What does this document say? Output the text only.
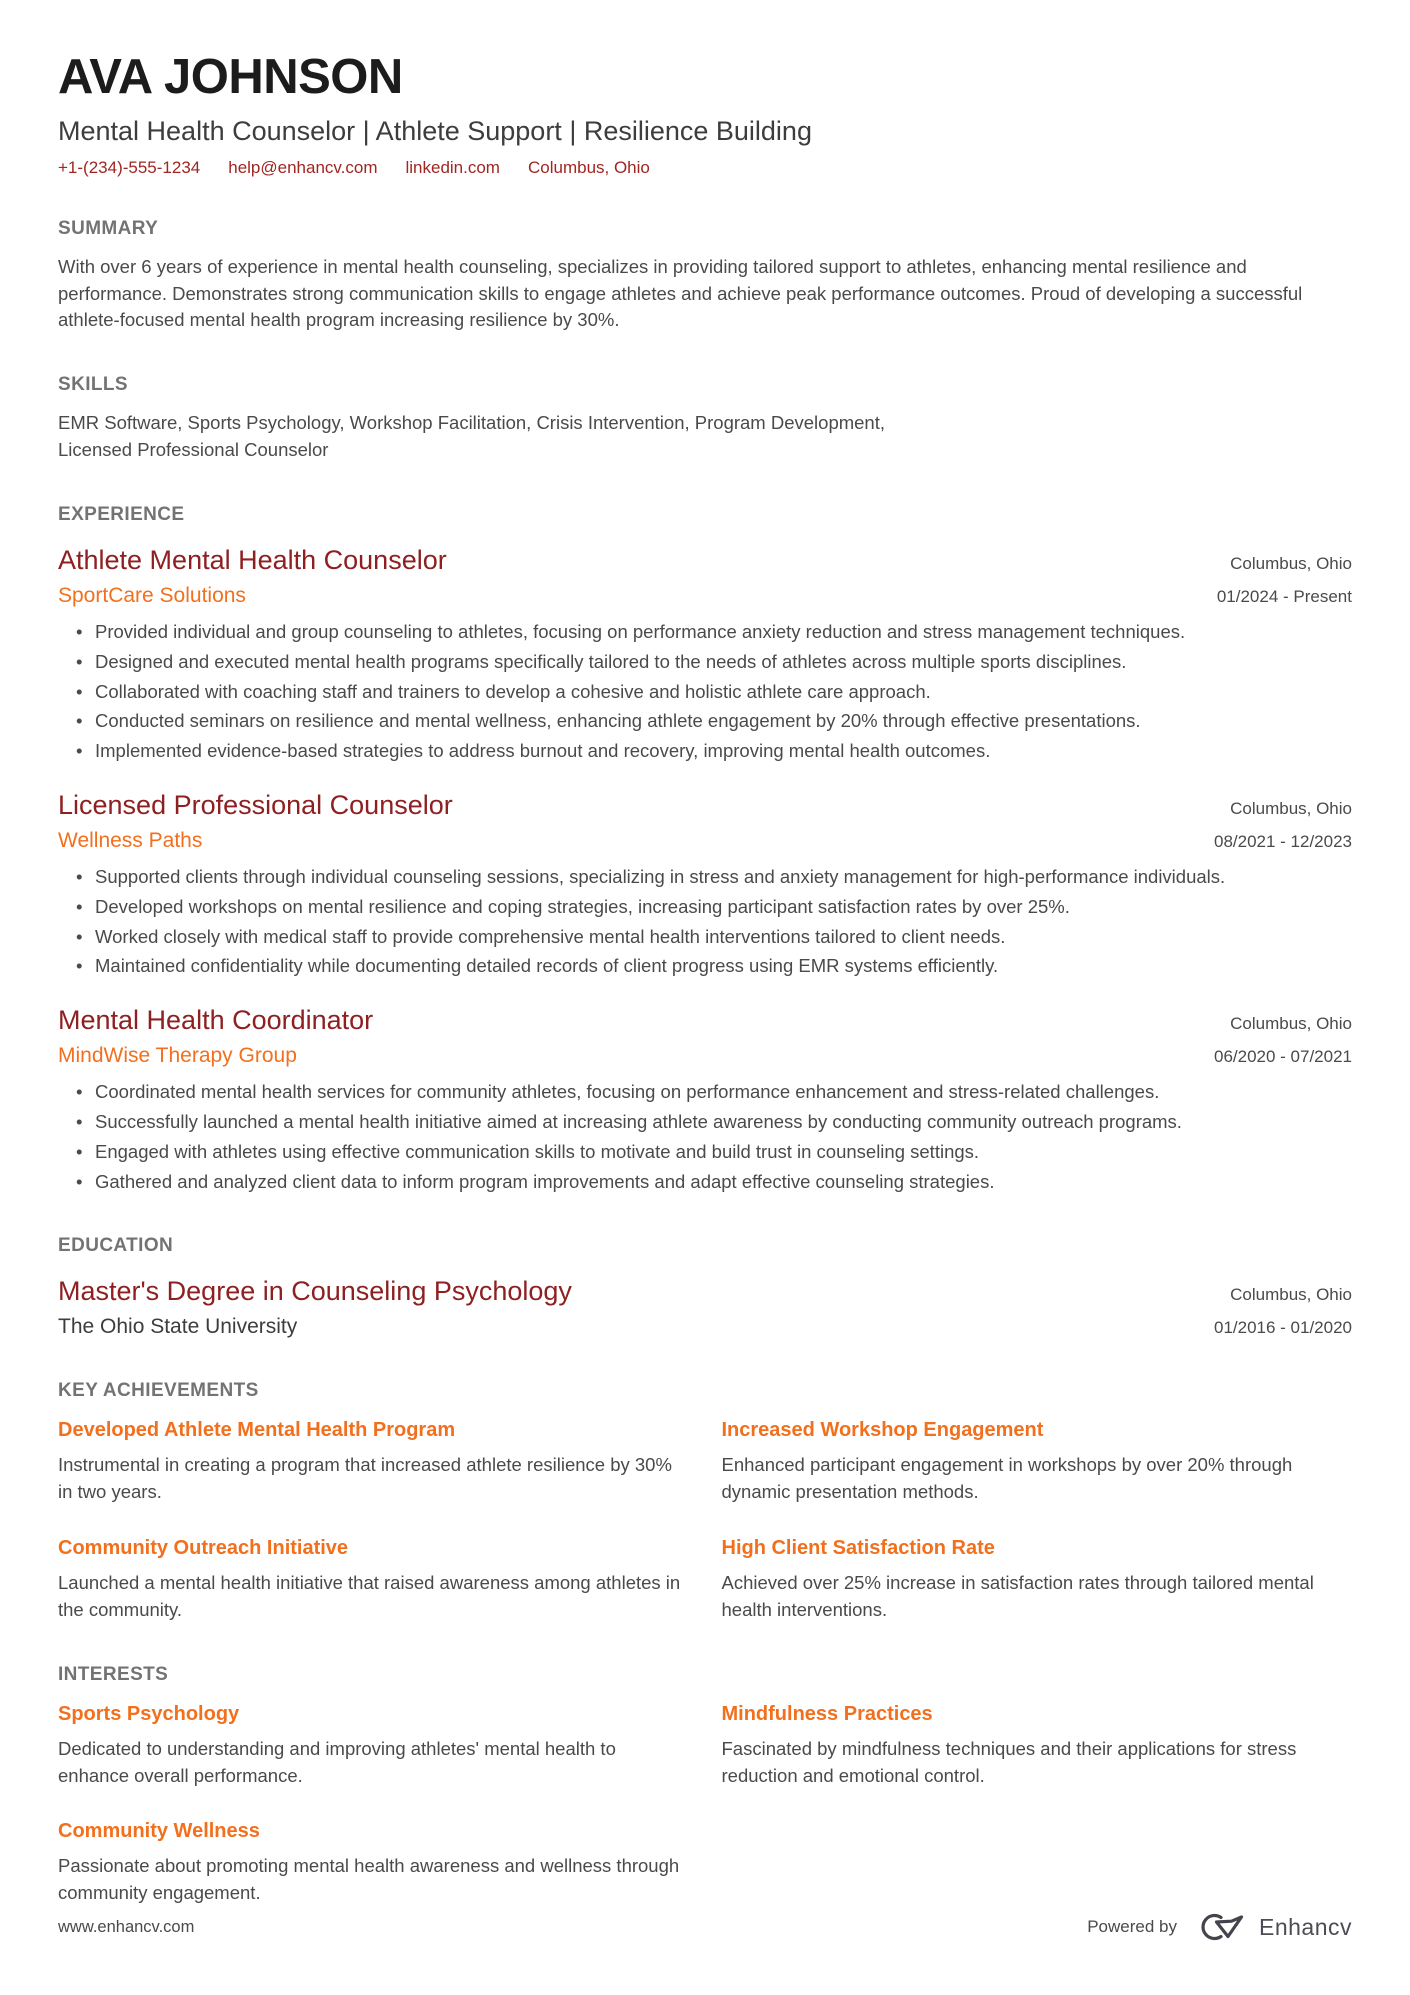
AVA JOHNSON
Mental Health Counselor | Athlete Support | Resilience Building
+1-(234)-555-1234 help@enhancv.com linkedin.com Columbus, Ohio
SUMMARY

With over 6 years of experience in mental health counseling, specializes in providing tailored support to athletes, enhancing mental resilience and performance. Demonstrates strong communication skills to engage athletes and achieve peak performance outcomes. Proud of developing a successful athlete-focused mental health program increasing resilience by 30%.

SKILLS

EMR Software, Sports Psychology, Workshop Facilitation, Crisis Intervention, Program Development, Licensed Professional Counselor

EXPERIENCE
Athlete Mental Health Counselor	Columbus, Ohio
SportCare Solutions	01/2024 - Present
• Provided individual and group counseling to athletes, focusing on performance anxiety reduction and stress management techniques.
• Designed and executed mental health programs specifically tailored to the needs of athletes across multiple sports disciplines.
• Collaborated with coaching staff and trainers to develop a cohesive and holistic athlete care approach.
• Conducted seminars on resilience and mental wellness, enhancing athlete engagement by 20% through effective presentations.
• Implemented evidence-based strategies to address burnout and recovery, improving mental health outcomes.
Licensed Professional Counselor	Columbus, Ohio
Wellness Paths	08/2021 - 12/2023
• Supported clients through individual counseling sessions, specializing in stress and anxiety management for high-performance individuals.
• Developed workshops on mental resilience and coping strategies, increasing participant satisfaction rates by over 25%.
• Worked closely with medical staff to provide comprehensive mental health interventions tailored to client needs.
• Maintained confidentiality while documenting detailed records of client progress using EMR systems efficiently.
Mental Health Coordinator	Columbus, Ohio
MindWise Therapy Group	06/2020 - 07/2021
• Coordinated mental health services for community athletes, focusing on performance enhancement and stress-related challenges.
• Successfully launched a mental health initiative aimed at increasing athlete awareness by conducting community outreach programs.
• Engaged with athletes using effective communication skills to motivate and build trust in counseling settings.
• Gathered and analyzed client data to inform program improvements and adapt effective counseling strategies.
EDUCATION
Master's Degree in Counseling Psychology	Columbus, Ohio
The Ohio State University	01/2016 - 01/2020
KEY ACHIEVEMENTS
Developed Athlete Mental Health Program
Instrumental in creating a program that increased athlete resilience by 30% in two years.
Increased Workshop Engagement
Enhanced participant engagement in workshops by over 20% through dynamic presentation methods.
Community Outreach Initiative
Launched a mental health initiative that raised awareness among athletes in the community.
High Client Satisfaction Rate
Achieved over 25% increase in satisfaction rates through tailored mental health interventions.
INTERESTS
Sports Psychology
Dedicated to understanding and improving athletes' mental health to enhance overall performance.
Mindfulness Practices
Fascinated by mindfulness techniques and their applications for stress reduction and emotional control.
Community Wellness
Passionate about promoting mental health awareness and wellness through community engagement.
www.enhancv.com	Powered by	Enhancv
